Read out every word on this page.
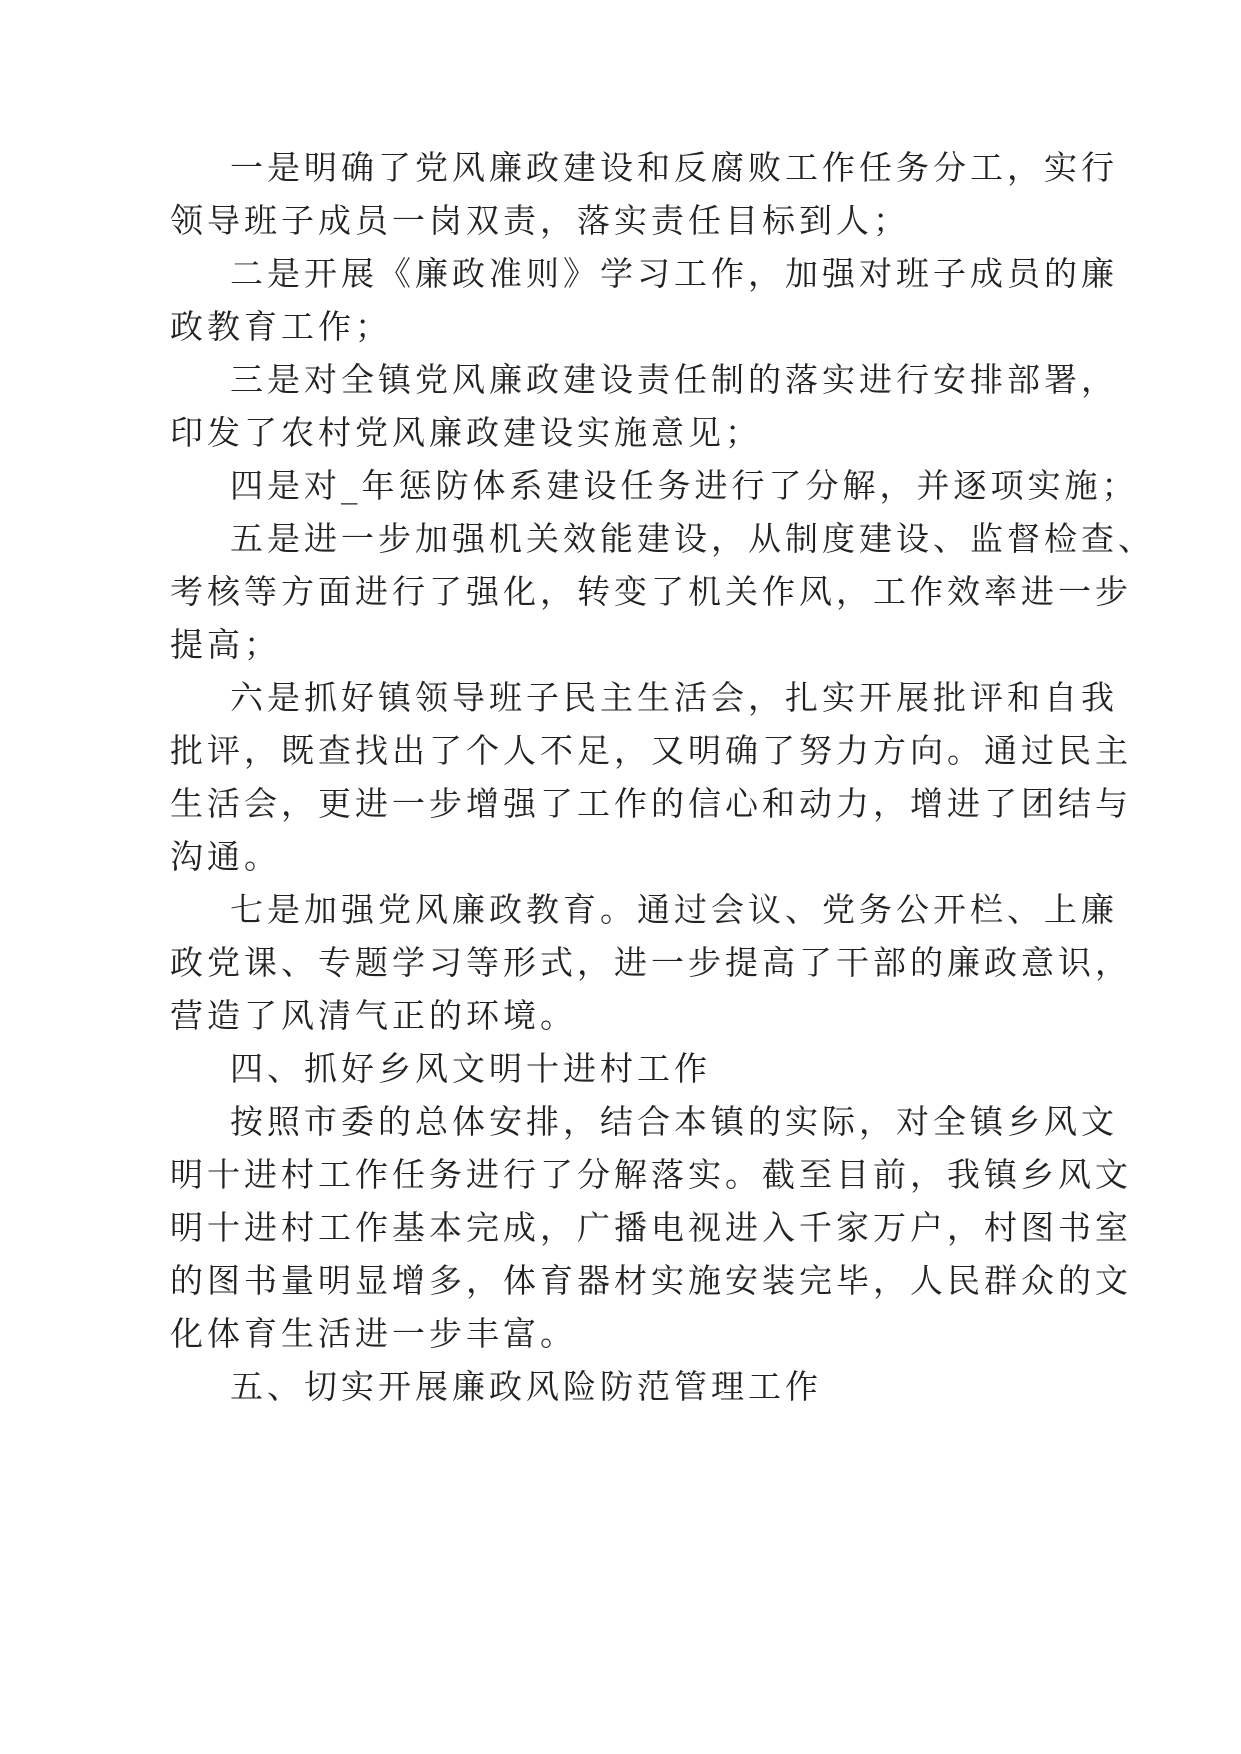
一是明确了党风廉政建设和反腐败工作任务分工，实行
领导班子成员一岗双责，落实责任目标到人；
二是开展《廉政准则》学习工作，加强对班子成员的廉
政教育工作；
三是对全镇党风廉政建设责任制的落实进行安排部署，
印发了农村党风廉政建设实施意见；
四是对_年惩防体系建设任务进行了分解，并逐项实施；
五是进一步加强机关效能建设，从制度建设、监督检查、
考核等方面进行了强化，转变了机关作风，工作效率进一步
提高；
六是抓好镇领导班子民主生活会，扎实开展批评和自我
批评，既查找出了个人不足，又明确了努力方向。通过民主
生活会，更进一步增强了工作的信心和动力，增进了团结与
沟通。
七是加强党风廉政教育。通过会议、党务公开栏、上廉
政党课、专题学习等形式，进一步提高了干部的廉政意识，
营造了风清气正的环境。
四、抓好乡风文明十进村工作
按照市委的总体安排，结合本镇的实际，对全镇乡风文
明十进村工作任务进行了分解落实。截至目前，我镇乡风文
明十进村工作基本完成，广播电视进入千家万户，村图书室
的图书量明显增多，体育器材实施安装完毕，人民群众的文
化体育生活进一步丰富。
五、切实开展廉政风险防范管理工作
